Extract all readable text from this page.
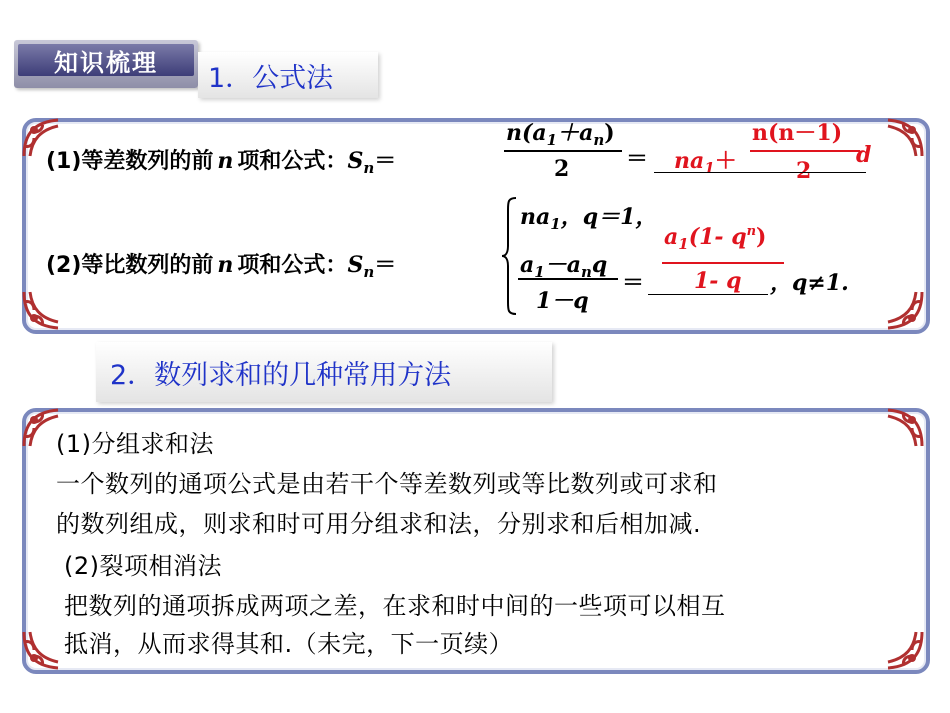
知识梳理	1．公式法
(1)等差数列的前 n 项和公式：$S_n=$
$n(a_1+a_n)$
2	＝ $na_1+$
n(n－1)
2
d
(2)等比数列的前 n 项和公式：$S_n=$
$na_1$，q＝1，
$a_1-a_nq$
1－q
＝
$a_1(1-$ $q^n$)
1- q ，q≠1.
2．数列求和的几种常用方法
(1)分组求和法
一个数列的通项公式是由若干个等差数列或等比数列或可求和
的数列组成，则求和时可用分组求和法，分别求和后相加减.
(2)裂项相消法
把数列的通项拆成两项之差，在求和时中间的一些项可以相互
抵消，从而求得其和.（未完，下一页续）
